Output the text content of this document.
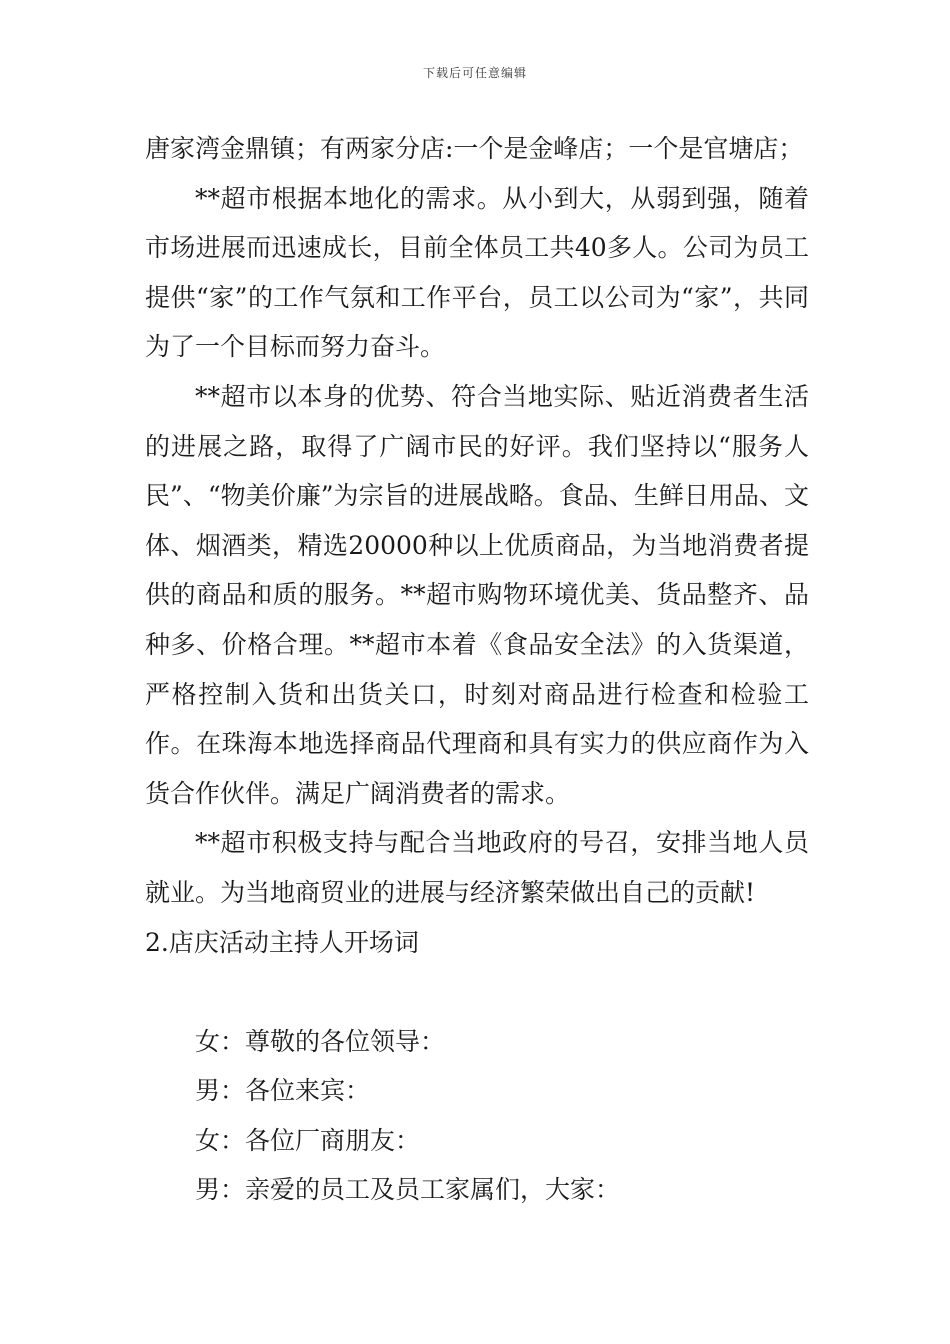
下载后可任意编辑

唐家湾金鼎镇；有两家分店:一个是金峰店；一个是官塘店；

**超市根据本地化的需求。从小到大，从弱到强，随着市场进展而迅速成长，目前全体员工共40多人。公司为员工提供“家”的工作气氛和工作平台，员工以公司为“家”，共同为了一个目标而努力奋斗。

**超市以本身的优势、符合当地实际、贴近消费者生活的进展之路，取得了广阔市民的好评。我们坚持以“服务人民”、“物美价廉”为宗旨的进展战略。食品、生鲜日用品、文体、烟酒类，精选20000种以上优质商品，为当地消费者提供的商品和质的服务。**超市购物环境优美、货品整齐、品种多、价格合理。**超市本着《食品安全法》的入货渠道，严格控制入货和出货关口，时刻对商品进行检查和检验工作。在珠海本地选择商品代理商和具有实力的供应商作为入货合作伙伴。满足广阔消费者的需求。

**超市积极支持与配合当地政府的号召，安排当地人员就业。为当地商贸业的进展与经济繁荣做出自己的贡献!

2.店庆活动主持人开场词

女：尊敬的各位领导：

男：各位来宾：

女：各位厂商朋友：

男：亲爱的员工及员工家属们，大家：
